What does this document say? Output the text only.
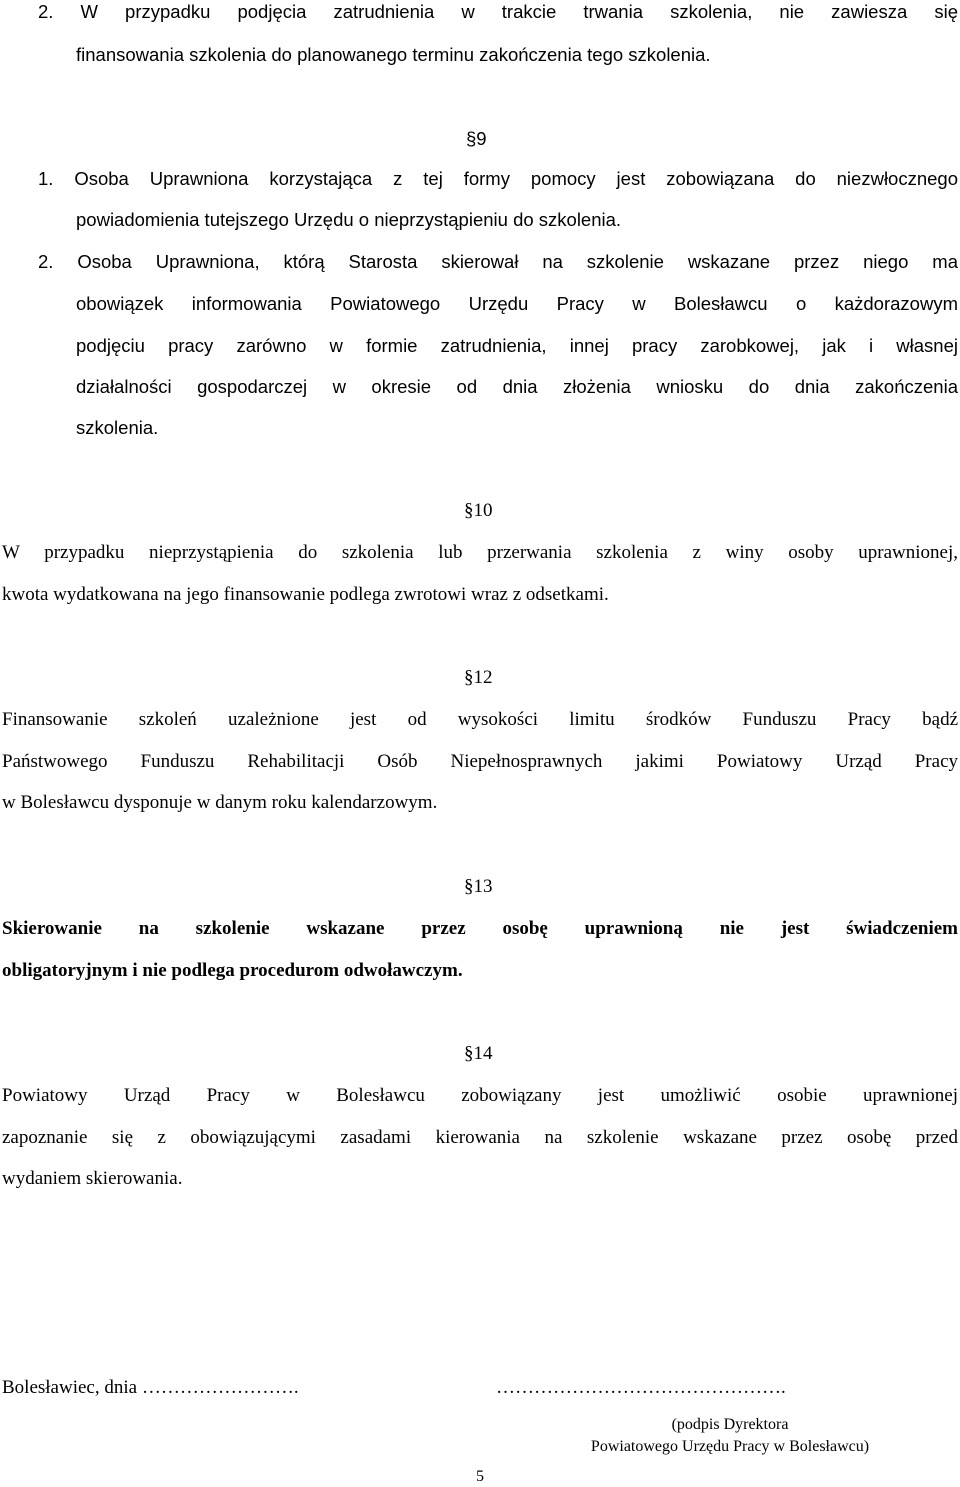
2. W przypadku podjęcia zatrudnienia w trakcie trwania szkolenia, nie zawiesza się
finansowania szkolenia do planowanego terminu zakończenia tego szkolenia.
§9
1. Osoba Uprawniona korzystająca z tej formy pomocy jest zobowiązana do niezwłocznego
powiadomienia tutejszego Urzędu o nieprzystąpieniu do szkolenia.
2. Osoba Uprawniona, którą Starosta skierował na szkolenie wskazane przez niego ma
obowiązek informowania Powiatowego Urzędu Pracy w Bolesławcu o każdorazowym
podjęciu pracy zarówno w formie zatrudnienia, innej pracy zarobkowej, jak i własnej
działalności gospodarczej w okresie od dnia złożenia wniosku do dnia zakończenia
szkolenia.
§10
W przypadku nieprzystąpienia do szkolenia lub przerwania szkolenia z winy osoby uprawnionej,
kwota wydatkowana na jego finansowanie podlega zwrotowi wraz z odsetkami.
§12
Finansowanie szkoleń uzależnione jest od wysokości limitu środków Funduszu Pracy bądź
Państwowego Funduszu Rehabilitacji Osób Niepełnosprawnych jakimi Powiatowy Urząd Pracy
w Bolesławcu dysponuje w danym roku kalendarzowym.
§13
Skierowanie na szkolenie wskazane przez osobę uprawnioną nie jest świadczeniem
obligatoryjnym i nie podlega procedurom odwoławczym.
§14
Powiatowy Urząd Pracy w Bolesławcu zobowiązany jest umożliwić osobie uprawnionej
zapoznanie się z obowiązującymi zasadami kierowania na szkolenie wskazane przez osobę przed
wydaniem skierowania.
Bolesławiec, dnia …………………….	……………………………………….
(podpis Dyrektora
Powiatowego Urzędu Pracy w Bolesławcu)
5
